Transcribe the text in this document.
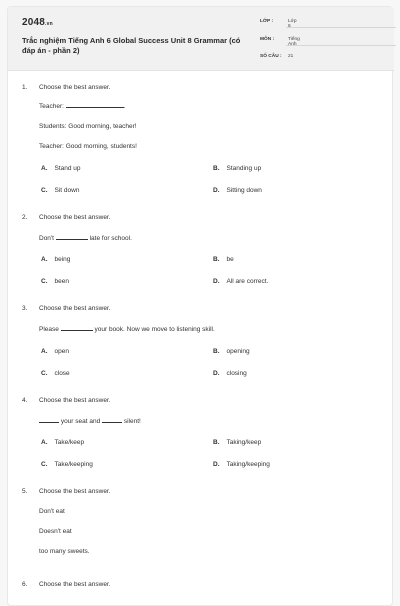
2048.vn
Trắc nghiệm Tiếng Anh 6 Global Success Unit 8 Grammar (có đáp án - phần 2)
LỚP :	Lớp 6
MÔN :	Tiếng Anh
SỐ CÂU :	21
1. Choose the best answer.
Teacher:	.
Students: Good morning, teacher!
Teacher: Good morning, students!
A. Stand up	B. Standing up
C. Sit down	D. Sitting down
2. Choose the best answer.
Don't	late for school.
A. being	B. be
C. been	D. All are correct.
3. Choose the best answer.
Please	your book. Now we move to listening skill.
A. open	B. opening
C. close	D. closing
4. Choose the best answer.
your seat and	silent!
A. Take/keep	B. Taking/keep
C. Take/keeping	D. Taking/keeping
5. Choose the best answer.
Don't eat
Doesn't eat
too many sweets.
6. Choose the best answer.
